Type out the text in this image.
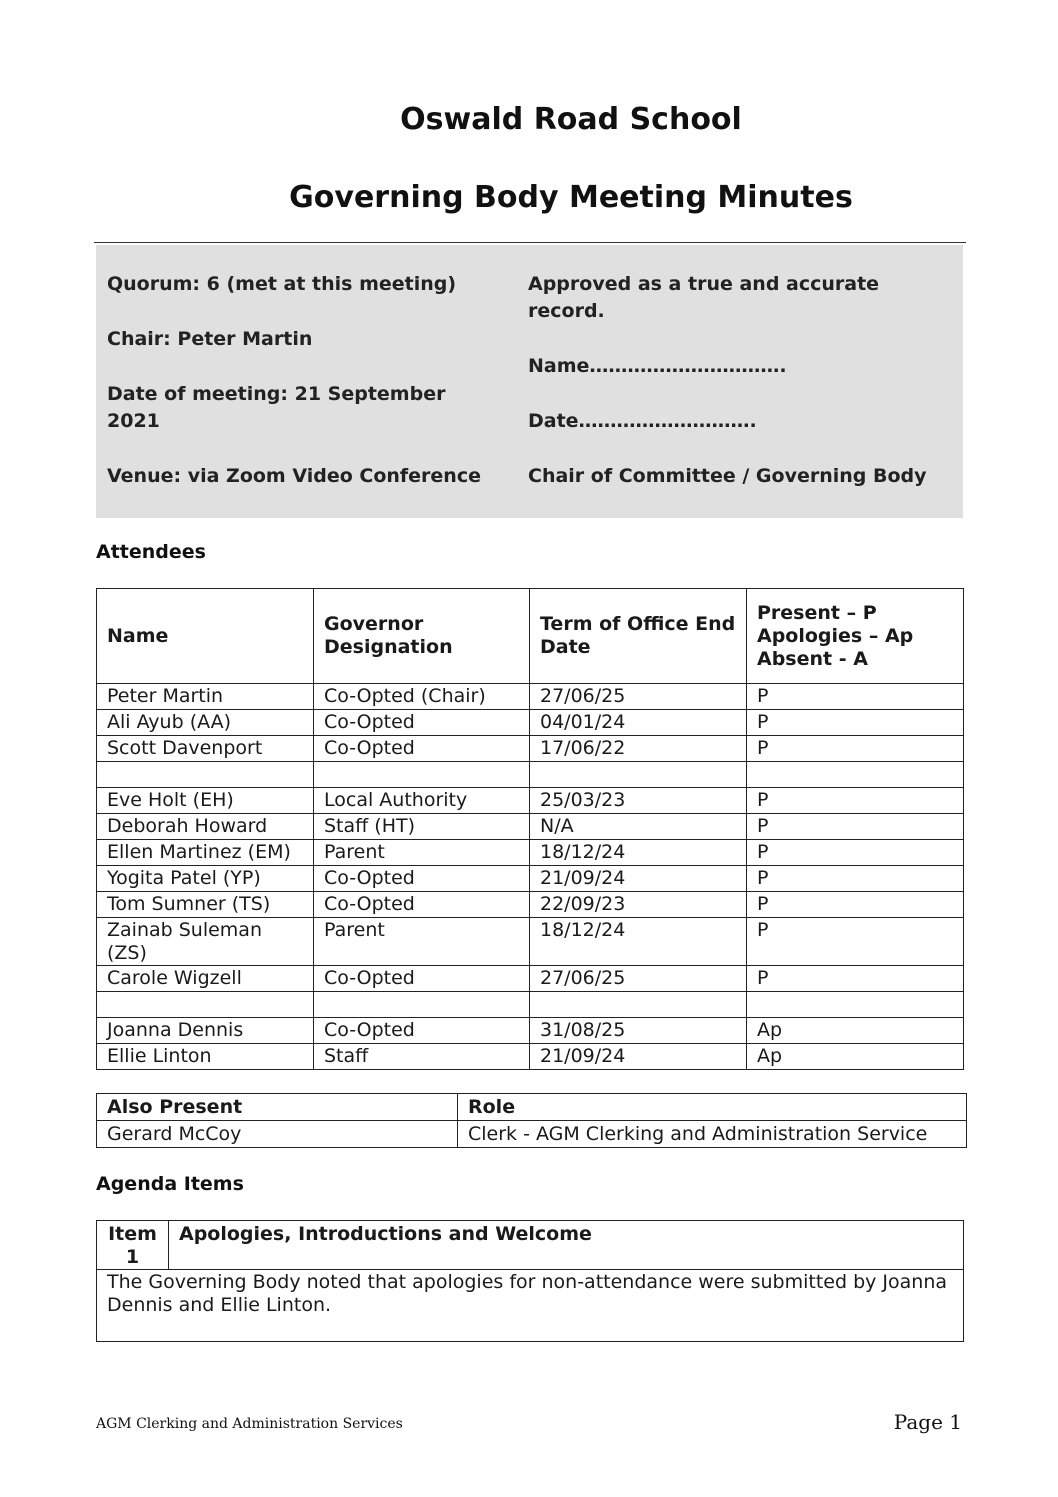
Oswald Road School
Governing Body Meeting Minutes

Quorum: 6 (met at this meeting)

Chair: Peter Martin

Date of meeting: 21 September 2021

Venue: via Zoom Video Conference

Approved as a true and accurate record.

Name………………………….

Date……………………….

Chair of Committee / Governing Body

Attendees
Name	Governor Designation	Term of Office End Date	Present – P Apologies – Ap Absent - A
Peter Martin	Co-Opted (Chair)	27/06/25	P
Ali Ayub (AA)	Co-Opted	04/01/24	P
Scott Davenport	Co-Opted	17/06/22	P

Eve Holt (EH)	Local Authority	25/03/23	P
Deborah Howard	Staff (HT)	N/A	P
Ellen Martinez (EM)	Parent	18/12/24	P
Yogita Patel (YP)	Co-Opted	21/09/24	P
Tom Sumner (TS)	Co-Opted	22/09/23	P
Zainab Suleman (ZS)	Parent	18/12/24	P
Carole Wigzell	Co-Opted	27/06/25	P

Joanna Dennis	Co-Opted	31/08/25	Ap
Ellie Linton	Staff	21/09/24	Ap
Also Present	Role
Gerard McCoy	Clerk - AGM Clerking and Administration Service
Agenda Items
Item 1	Apologies, Introductions and Welcome
The Governing Body noted that apologies for non-attendance were submitted by Joanna Dennis and Ellie Linton.
AGM Clerking and Administration Services	Page 1
